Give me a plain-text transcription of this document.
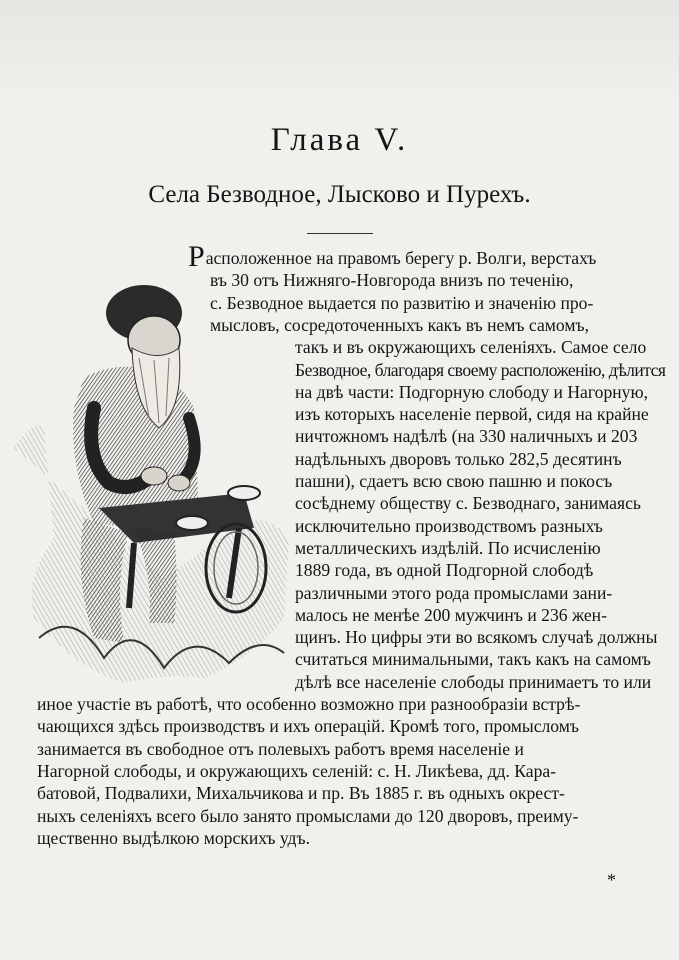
Глава V.
Села Безводное, Лысково и Пурехъ.
Расположенное на правомъ берегу р. Волги, верстахъ
въ 30 отъ Нижняго-Новгорода внизъ по теченію,
с. Безводное выдается по развитію и значенію про-
мысловъ, сосредоточенныхъ какъ въ немъ самомъ,
такъ и въ окружающихъ селеніяхъ. Самое село
Безводное, благодаря своему расположенію, дѣлится
на двѣ части: Подгорную слободу и Нагорную,
изъ которыхъ населеніе первой, сидя на крайне
ничтожномъ надѣлѣ (на 330 наличныхъ и 203
надѣльныхъ дворовъ только 282,5 десятинъ
пашни), сдаетъ всю свою пашню и покосъ
сосѣднему обществу с. Безводнаго, занимаясь
исключительно производствомъ разныхъ
металлическихъ издѣлій. По исчисленію
1889 года, въ одной Подгорной слободѣ
различными этого рода промыслами зани-
малось не менѣе 200 мужчинъ и 236 жен-
щинъ. Но цифры эти во всякомъ случаѣ должны
считаться минимальными, такъ какъ на самомъ
дѣлѣ все населеніе слободы принимаетъ то или
иное участіе въ работѣ, что особенно возможно при разнообразіи встрѣ-
чающихся здѣсь производствъ и ихъ операцій. Кромѣ того, промысломъ
занимается въ свободное отъ полевыхъ работъ время населеніе и
Нагорной слободы, и окружающихъ селеній: с. Н. Ликѣева, дд. Кара-
батовой, Подвалихи, Михальчикова и пр. Въ 1885 г. въ одныхъ окрест-
ныхъ селеніяхъ всего было занято промыслами до 120 дворовъ, преиму-
щественно выдѣлкою морскихъ удъ.
*
